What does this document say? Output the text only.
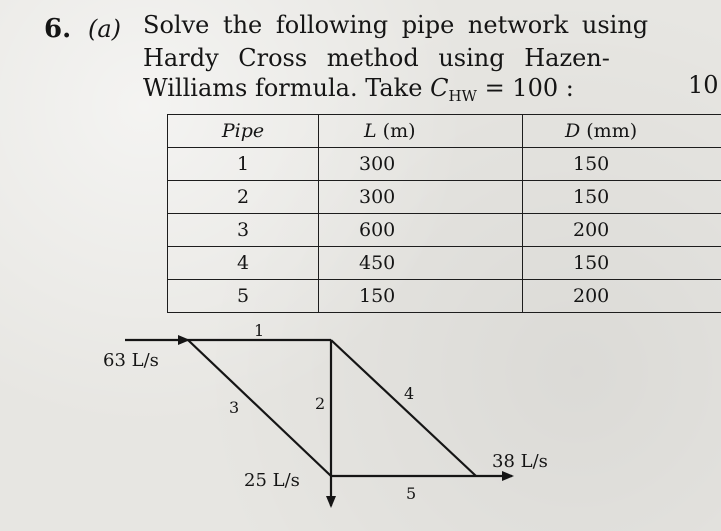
6. (a) Solve the following pipe network using
Hardy Cross method using Hazen-
Williams formula. Take $C_{HW} = 100$ :	10
Pipe	L (m)	D (mm)
1	300	150
2	300	150
3	600	200
4	450	150
5	150	200
63 L/s
25 L/s
38 L/s
1
2
3
4
5
